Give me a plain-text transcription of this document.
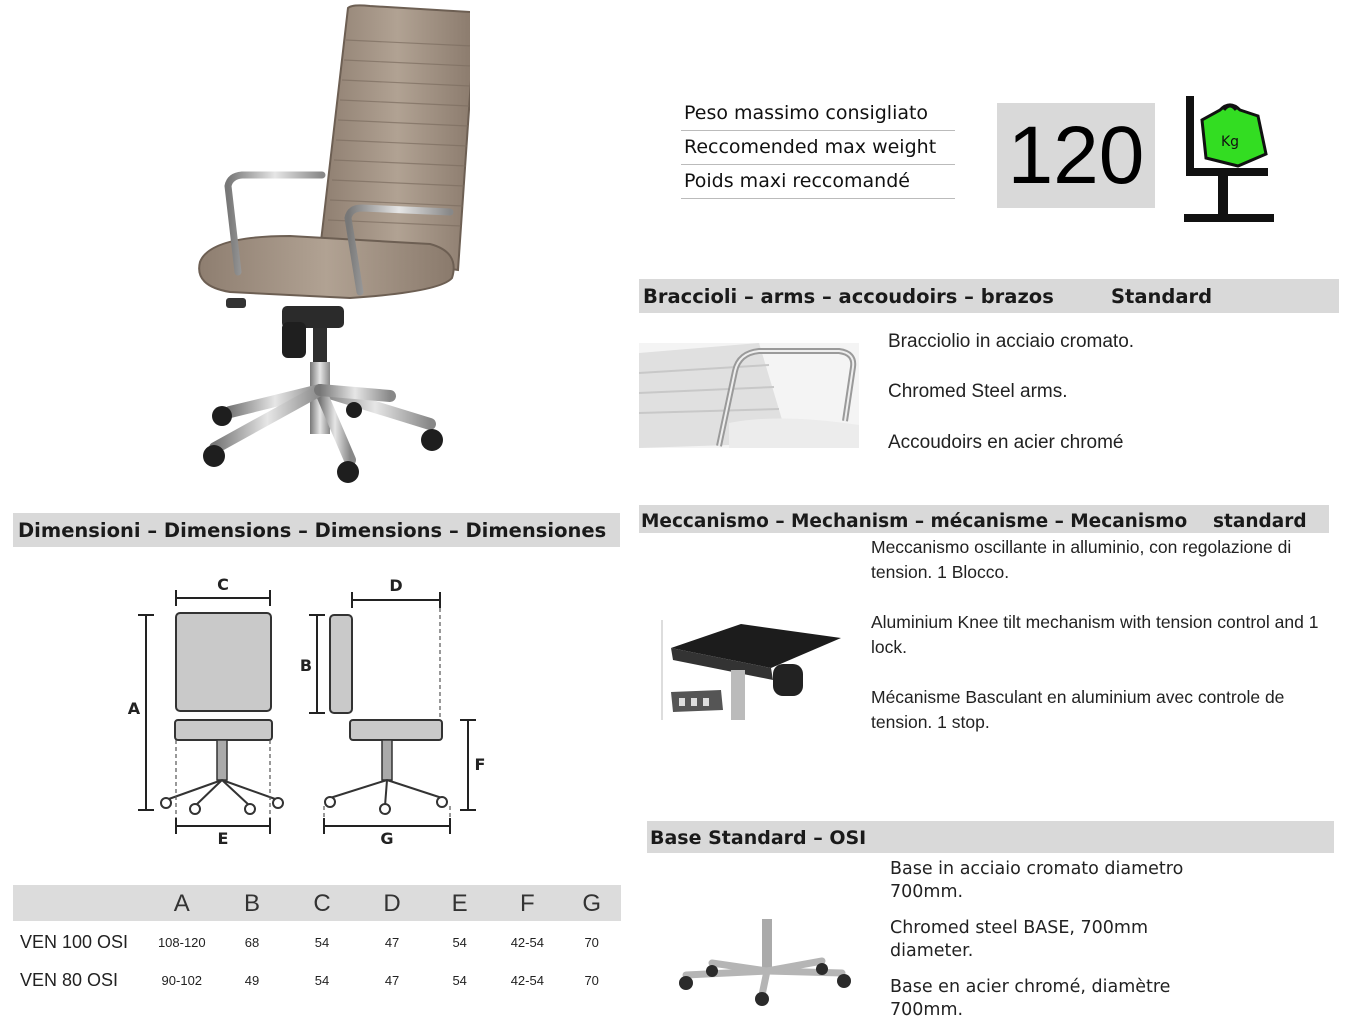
Peso massimo consigliato
Reccomended max weight
Poids maxi reccomandé	120	Kg
Braccioli – arms – accoudoirs – brazos	Standard

Bracciolio in acciaio cromato.

Chromed Steel arms.

Accoudoirs en acier chromé

Meccanismo – Mechanism – mécanisme – Mecanismo standard

Meccanismo oscillante in alluminio, con regolazione di tension. 1 Blocco.

Aluminium Knee tilt mechanism with tension control and 1 lock.

Mécanisme Basculant en aluminium avec controle de tension. 1 stop.

Base Standard – OSI

Base in acciaio cromato diametro 700mm.

Chromed steel BASE, 700mm diameter.

Base en acier chromé, diamètre 700mm.

Dimensioni – Dimensions – Dimensions – Dimensiones
C
A
E
B
D
F
G
	A	B	C	D	E	F	G
VEN 100 OSI	108-120	68	54	47	54	42-54	70
VEN 80 OSI	90-102	49	54	47	54	42-54	70
